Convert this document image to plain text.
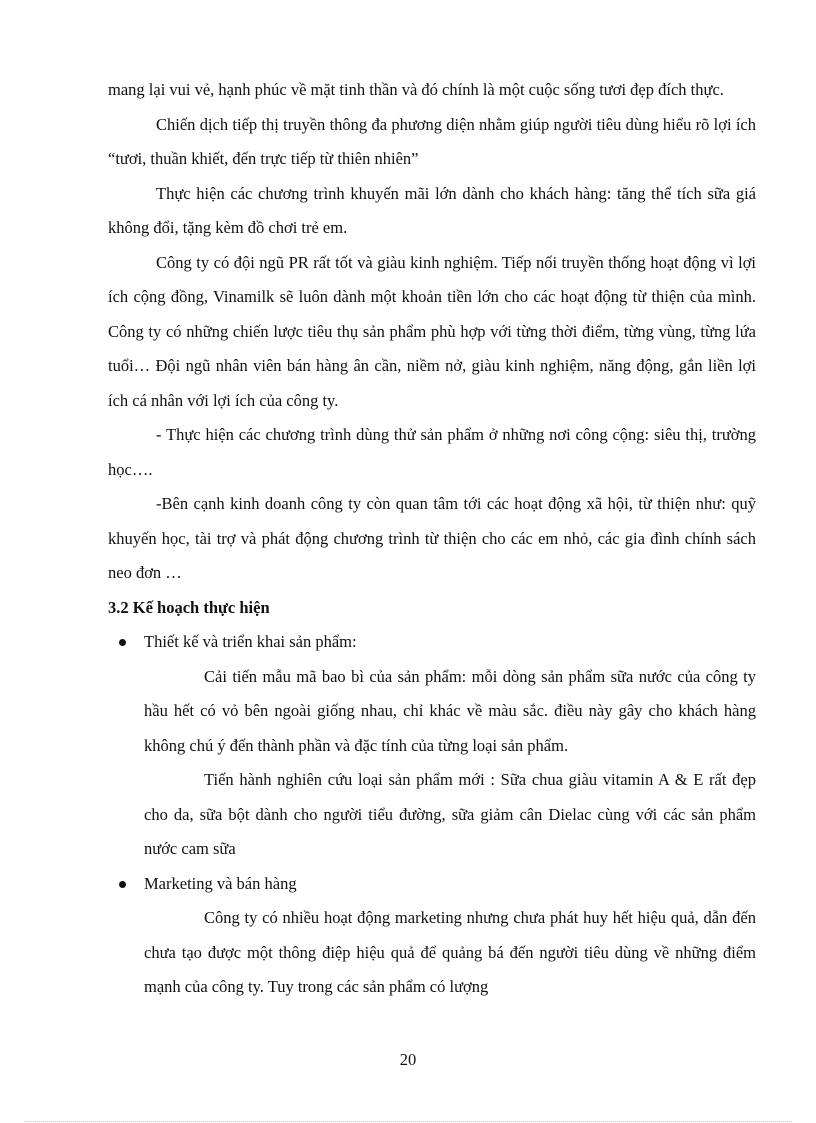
mang lại vui vẻ, hạnh phúc về mặt tinh thần và đó chính là một cuộc sống tươi đẹp đích thực.

Chiến dịch tiếp thị truyền thông đa phương diện nhằm giúp người tiêu dùng hiểu rõ lợi ích “tươi, thuần khiết, đến trực tiếp từ thiên nhiên”

Thực hiện các chương trình khuyến mãi lớn dành cho khách hàng: tăng thể tích sữa giá không đổi, tặng kèm đồ chơi trẻ em.

Công ty có đội ngũ PR rất tốt và giàu kinh nghiệm. Tiếp nối truyền thống hoạt động vì lợi ích cộng đồng, Vinamilk sẽ luôn dành một khoản tiền lớn cho các hoạt động từ thiện của mình. Công ty có những chiến lược tiêu thụ sản phẩm phù hợp với từng thời điểm, từng vùng, từng lứa tuổi… Đội ngũ nhân viên bán hàng ân cần, niềm nở, giàu kinh nghiệm, năng động, gắn liền lợi ích cá nhân với lợi ích của công ty.

- Thực hiện các chương trình dùng thử sản phẩm ở những nơi công cộng: siêu thị, trường học….

-Bên cạnh kinh doanh công ty còn quan tâm tới các hoạt động xã hội, từ thiện như: quỹ khuyến học, tài trợ và phát động chương trình từ thiện cho các em nhỏ, các gia đình chính sách neo đơn …

3.2 Kế hoạch thực hiện
Thiết kế và triển khai sản phẩm:

Cải tiến mẫu mã bao bì của sản phẩm: mỗi dòng sản phẩm sữa nước của công ty hầu hết có vỏ bên ngoài giống nhau, chỉ khác về màu sắc. điều này gây cho khách hàng không chú ý đến thành phần và đặc tính của từng loại sản phẩm.

Tiến hành nghiên cứu loại sản phẩm mới : Sữa chua giàu vitamin A & E rất đẹp cho da, sữa bột dành cho người tiểu đường, sữa giảm cân Dielac cùng với các sản phẩm nước cam sữa

Marketing và bán hàng

Công ty có nhiều hoạt động marketing nhưng chưa phát huy hết hiệu quả, dẫn đến chưa tạo được một thông điệp hiệu quả để quảng bá đến người tiêu dùng về những điểm mạnh của công ty. Tuy trong các sản phẩm có lượng

20
